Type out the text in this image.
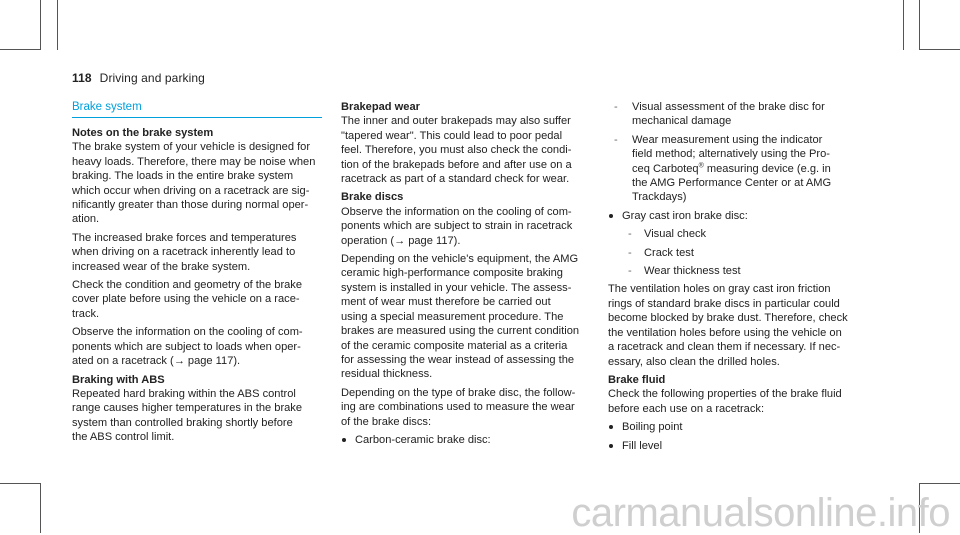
118 Driving and parking

Brake system

Notes on the brake system

The brake system of your vehicle is designed for

heavy loads. Therefore, there may be noise when

braking. The loads in the entire brake system

which occur when driving on a racetrack are sig-

nificantly greater than those during normal oper-

ation.

The increased brake forces and temperatures

when driving on a racetrack inherently lead to

increased wear of the brake system.

Check the condition and geometry of the brake

cover plate before using the vehicle on a race-

track.

Observe the information on the cooling of com-

ponents which are subject to loads when oper-

ated on a racetrack (→ page 117).

Braking with ABS

Repeated hard braking within the ABS control

range causes higher temperatures in the brake

system than controlled braking shortly before

the ABS control limit.

Brakepad wear

The inner and outer brakepads may also suffer

"tapered wear". This could lead to poor pedal

feel. Therefore, you must also check the condi-

tion of the brakepads before and after use on a

racetrack as part of a standard check for wear.

Brake discs

Observe the information on the cooling of com-

ponents which are subject to strain in racetrack

operation (→ page 117).

Depending on the vehicle's equipment, the AMG

ceramic high-performance composite braking

system is installed in your vehicle. The assess-

ment of wear must therefore be carried out

using a special measurement procedure. The

brakes are measured using the current condition

of the ceramic composite material as a criteria

for assessing the wear instead of assessing the

residual thickness.

Depending on the type of brake disc, the follow-

ing are combinations used to measure the wear

of the brake discs:

Carbon-ceramic brake disc:
- Visual assessment of the brake disc for

mechanical damage

- Wear measurement using the indicator

field method; alternatively using the Pro-

ceq Carboteq® measuring device (e.g. in

the AMG Performance Center or at AMG

Trackdays)

Gray cast iron brake disc:
- Visual check
- Crack test
- Wear thickness test

The ventilation holes on gray cast iron friction

rings of standard brake discs in particular could

become blocked by brake dust. Therefore, check

the ventilation holes before using the vehicle on

a racetrack and clean them if necessary. If nec-

essary, also clean the drilled holes.

Brake fluid

Check the following properties of the brake fluid

before each use on a racetrack:

Boiling point
Fill level
carmanualsonline.info
